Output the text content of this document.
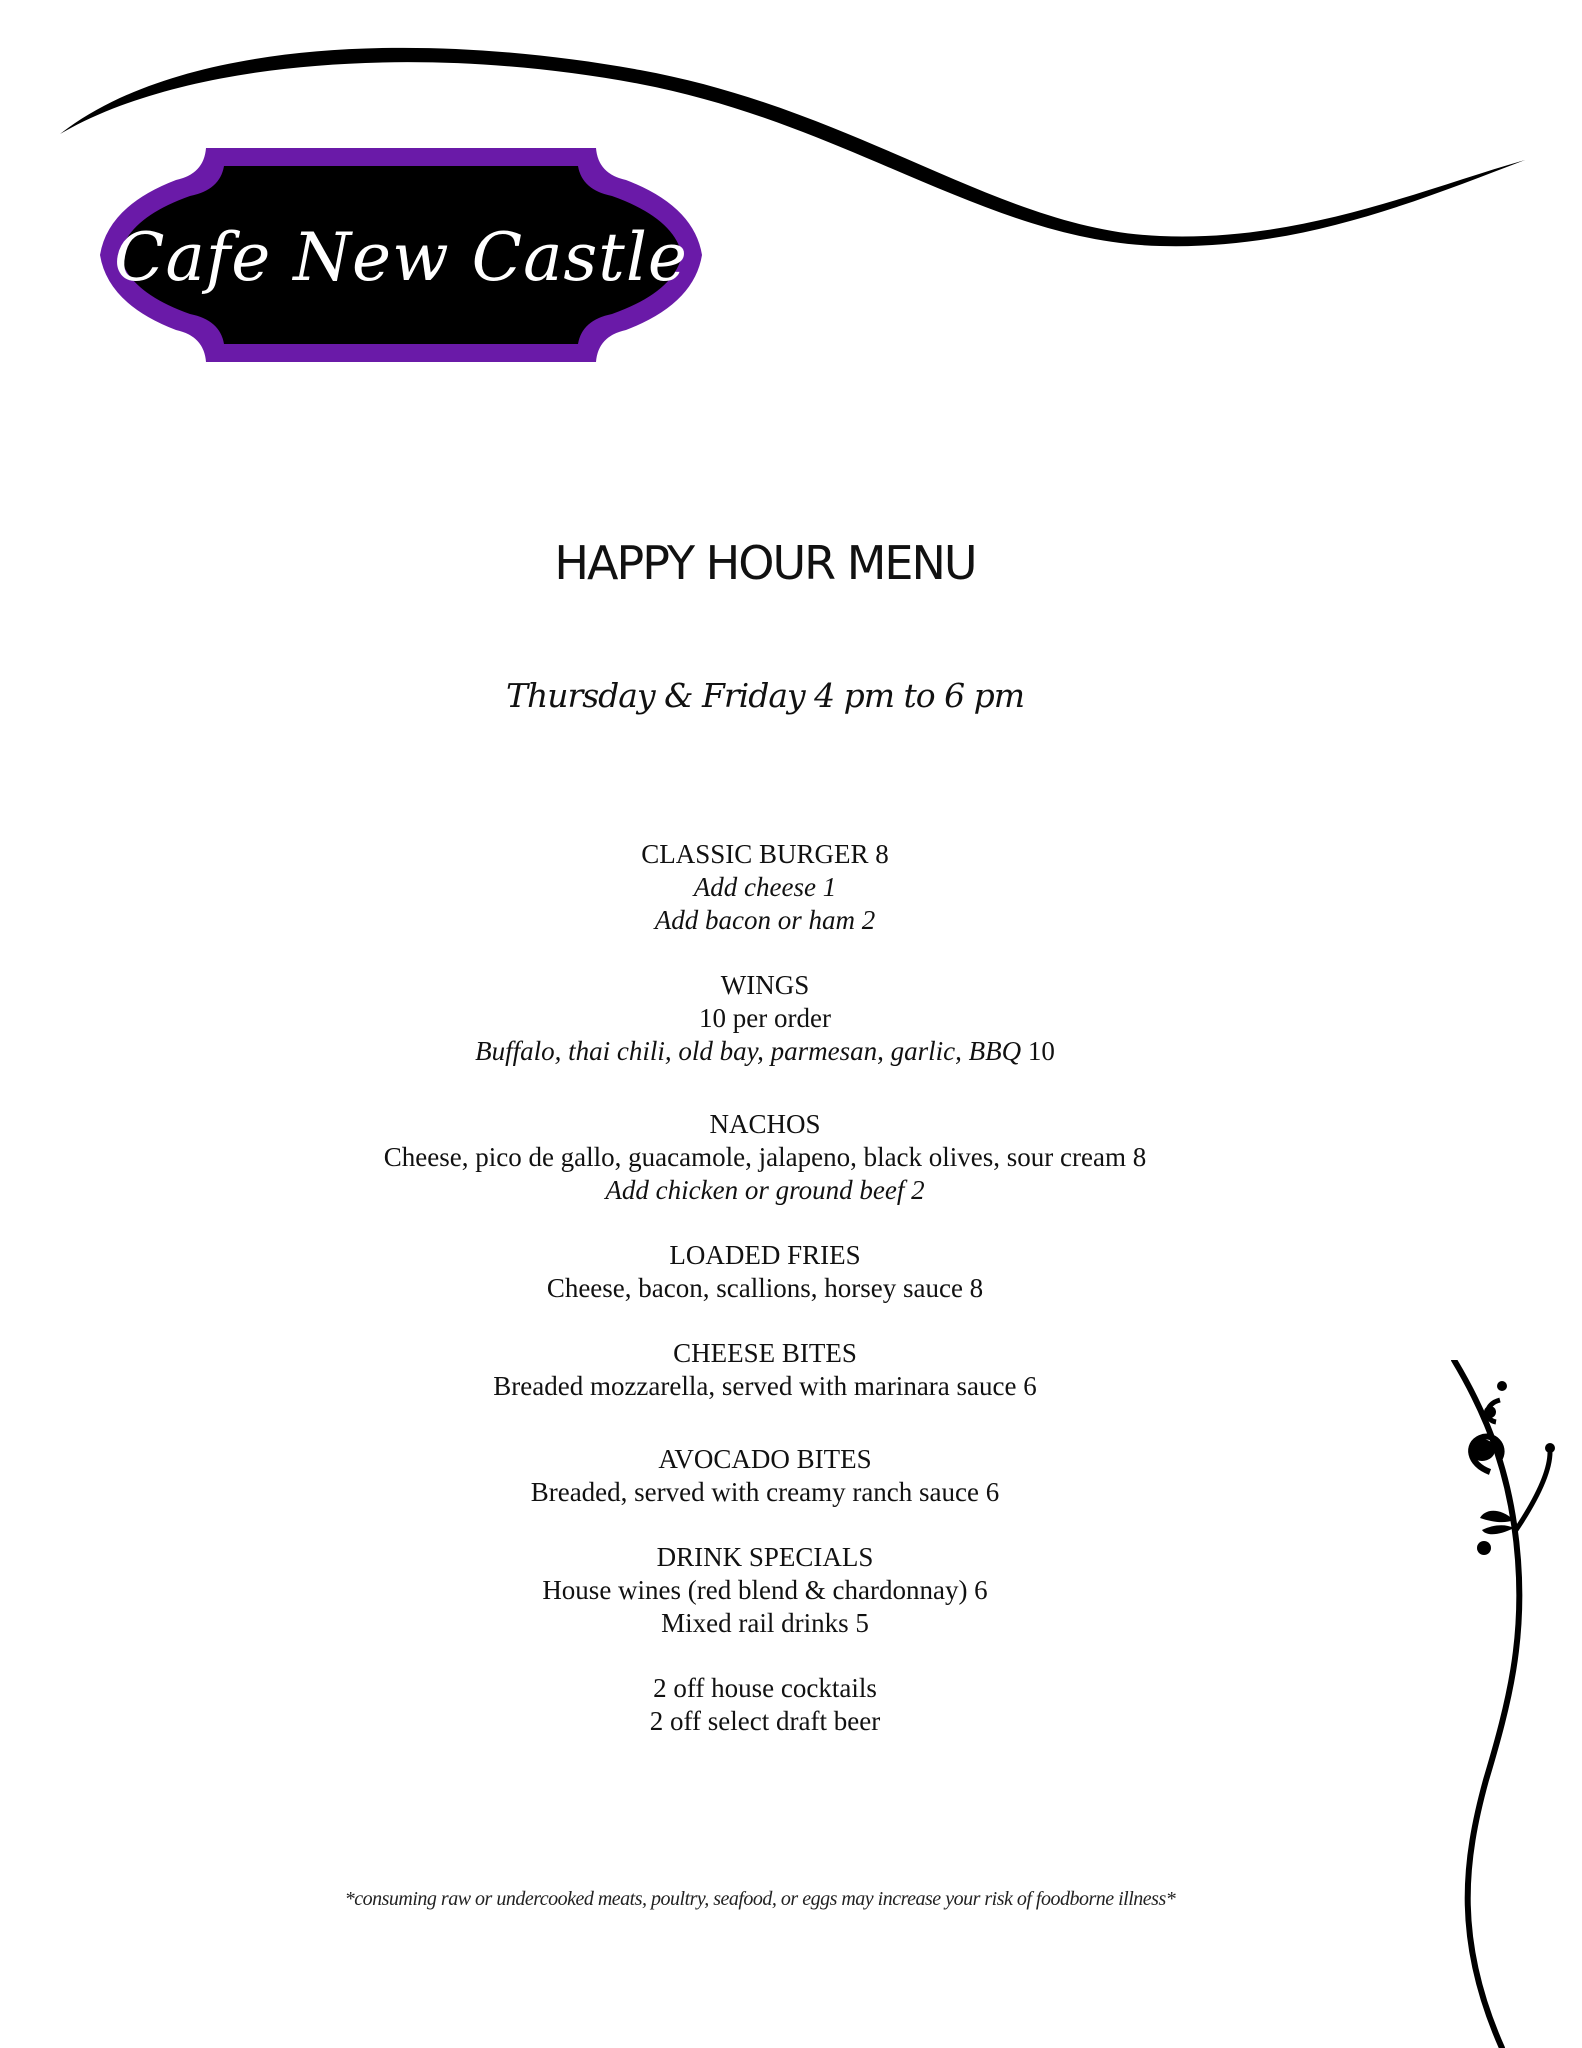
Cafe New Castle
HAPPY HOUR MENU
Thursday & Friday 4 pm to 6 pm
CLASSIC BURGER 8
Add cheese 1
Add bacon or ham 2
WINGS
10 per order
Buffalo, thai chili, old bay, parmesan, garlic, BBQ 10
NACHOS
Cheese, pico de gallo, guacamole, jalapeno, black olives, sour cream 8
Add chicken or ground beef 2
LOADED FRIES
Cheese, bacon, scallions, horsey sauce 8
CHEESE BITES
Breaded mozzarella, served with marinara sauce 6
AVOCADO BITES
Breaded, served with creamy ranch sauce 6
DRINK SPECIALS
House wines (red blend & chardonnay) 6
Mixed rail drinks 5
2 off house cocktails
2 off select draft beer
*consuming raw or undercooked meats, poultry, seafood, or eggs may increase your risk of foodborne illness*
